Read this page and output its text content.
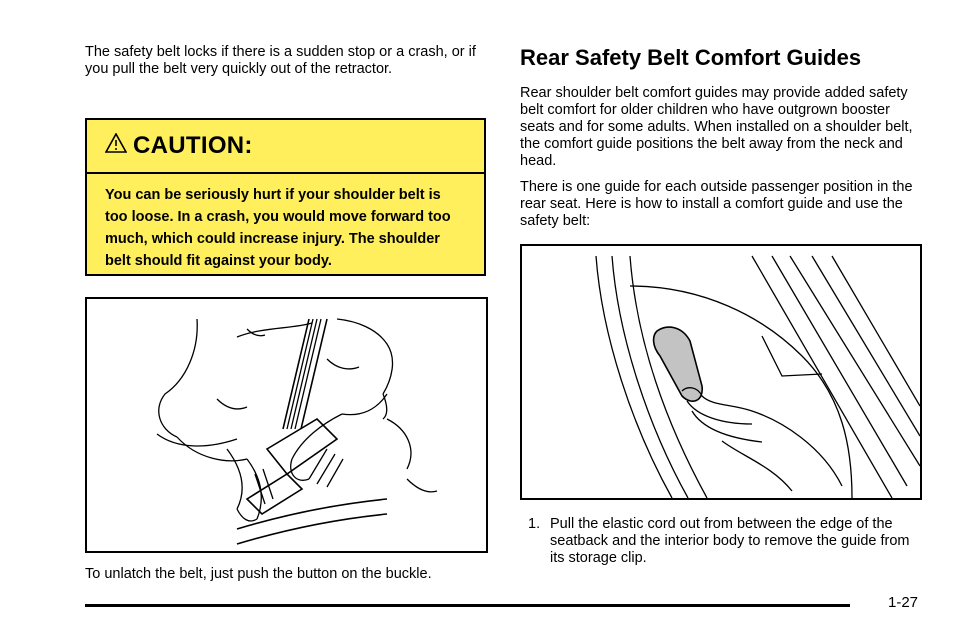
The safety belt locks if there is a sudden stop or a crash, or if you pull the belt very quickly out of the retractor.

CAUTION:
You can be seriously hurt if your shoulder belt is too loose. In a crash, you would move forward too much, which could increase injury. The shoulder belt should fit against your body.
To unlatch the belt, just push the button on the buckle.
Rear Safety Belt Comfort Guides

Rear shoulder belt comfort guides may provide added safety belt comfort for older children who have outgrown booster seats and for some adults. When installed on a shoulder belt, the comfort guide positions the belt away from the neck and head.

There is one guide for each outside passenger position in the rear seat. Here is how to install a comfort guide and use the safety belt:

1. Pull the elastic cord out from between the edge of the seatback and the interior body to remove the guide from its storage clip.
1-27
